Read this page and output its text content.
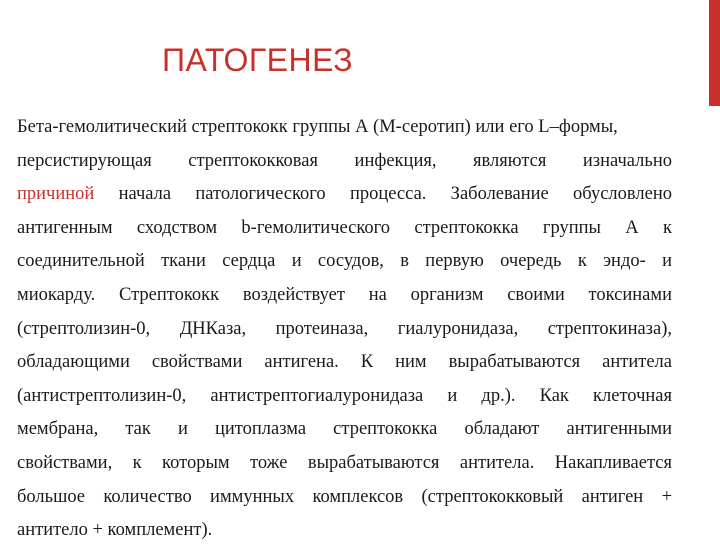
ПАТОГЕНЕЗ
Бета-гемолитический стрептококк группы А (М-серотип) или его L–формы,
персистирующая стрептококковая инфекция, являются изначально
причиной начала патологического процесса. Заболевание обусловлено
антигенным сходством b-гемолитического стрептококка группы А к
соединительной ткани сердца и сосудов, в первую очередь к эндо- и
миокарду. Стрептококк воздействует на организм своими токсинами
(стрептолизин-0, ДНКаза, протеиназа, гиалуронидаза, стрептокиназа),
обладающими свойствами антигена. К ним вырабатываются антитела
(антистрептолизин-0, антистрептогиалуронидаза и др.). Как клеточная
мембрана, так и цитоплазма стрептококка обладают антигенными
свойствами, к которым тоже вырабатываются антитела. Накапливается
большое количество иммунных комплексов (стрептококковый антиген +
антитело + комплемент).
